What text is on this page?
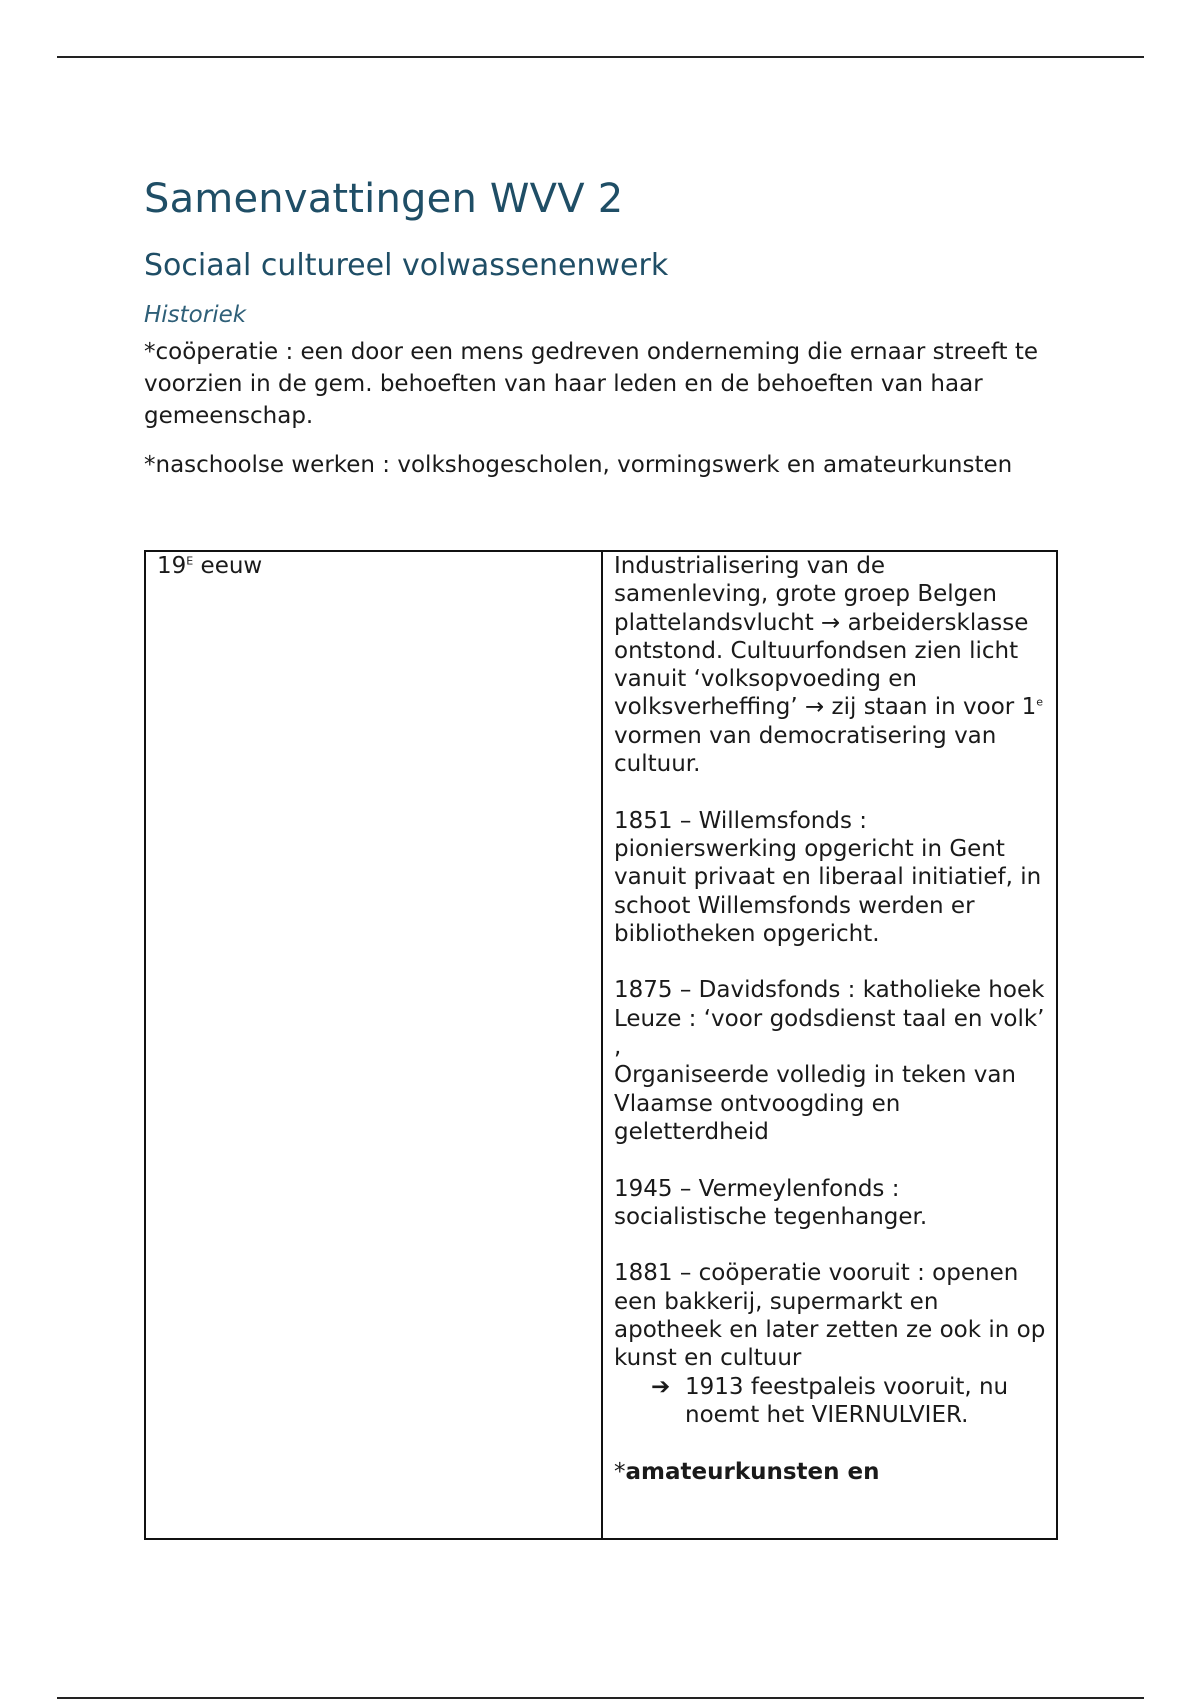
Samenvattingen WVV 2
Sociaal cultureel volwassenenwerk
Historiek

*coöperatie : een door een mens gedreven onderneming die ernaar streeft te voorzien in de gem. behoeften van haar leden en de behoeften van haar gemeenschap.

*naschoolse werken : volkshogescholen, vormingswerk en amateurkunsten

$19^E$ eeuw	Industrialisering van de samenleving, grote groep Belgen plattelandsvlucht → arbeidersklasse ontstond. Cultuurfondsen zien licht vanuit ‘volksopvoeding en volksverheffing’ → zij staan in voor 1e vormen van democratisering van cultuur.
1851 – Willemsfonds : pionierswerking opgericht in Gent vanuit privaat en liberaal initiatief, in schoot Willemsfonds werden er bibliotheken opgericht.
1875 – Davidsfonds : katholieke hoek
Leuze : ‘voor godsdienst taal en volk’ ,
Organiseerde volledig in teken van Vlaamse ontvoogding en geletterdheid
1945 – Vermeylenfonds : socialistische tegenhanger.
1881 – coöperatie vooruit : openen een bakkerij, supermarkt en apotheek en later zetten ze ook in op kunst en cultuur
➔ 1913 feestpaleis vooruit, nu noemt het VIERNULVIER.
*amateurkunsten en
